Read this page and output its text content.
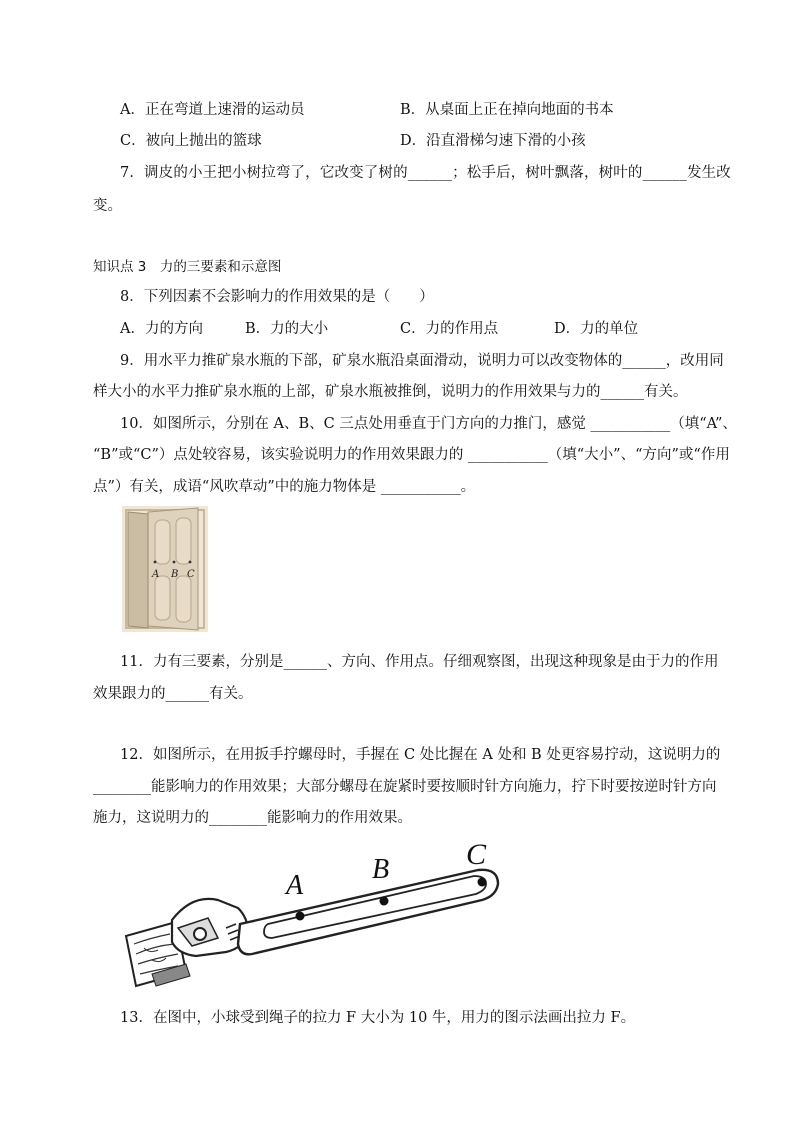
A．正在弯道上速滑的运动员	B．从桌面上正在掉向地面的书本
C．被向上抛出的篮球	D．沿直滑梯匀速下滑的小孩
7．调皮的小王把小树拉弯了，它改变了树的______；松手后，树叶飘落，树叶的______发生改
变。
知识点 3　力的三要素和示意图
8．下列因素不会影响力的作用效果的是（　　）
A．力的方向	B．力的大小	C．力的作用点	D．力的单位
9．用水平力推矿泉水瓶的下部，矿泉水瓶沿桌面滑动，说明力可以改变物体的______，改用同
样大小的水平力推矿泉水瓶的上部，矿泉水瓶被推倒，说明力的作用效果与力的______有关。
10．如图所示，分别在 A、B、C 三点处用垂直于门方向的力推门，感觉 ___________（填“A”、
“B”或“C”）点处较容易，该实验说明力的作用效果跟力的 ___________（填“大小”、“方向”或“作用
点”）有关，成语“风吹草动”中的施力物体是 ___________。
A B C
11．力有三要素，分别是______、方向、作用点。仔细观察图，出现这种现象是由于力的作用
效果跟力的______有关。
12．如图所示，在用扳手拧螺母时，手握在 C 处比握在 A 处和 B 处更容易拧动，这说明力的
________能影响力的作用效果；大部分螺母在旋紧时要按顺时针方向施力，拧下时要按逆时针方向
施力，这说明力的________能影响力的作用效果。
A
B	C
13．在图中，小球受到绳子的拉力 F 大小为 10 牛，用力的图示法画出拉力 F。
